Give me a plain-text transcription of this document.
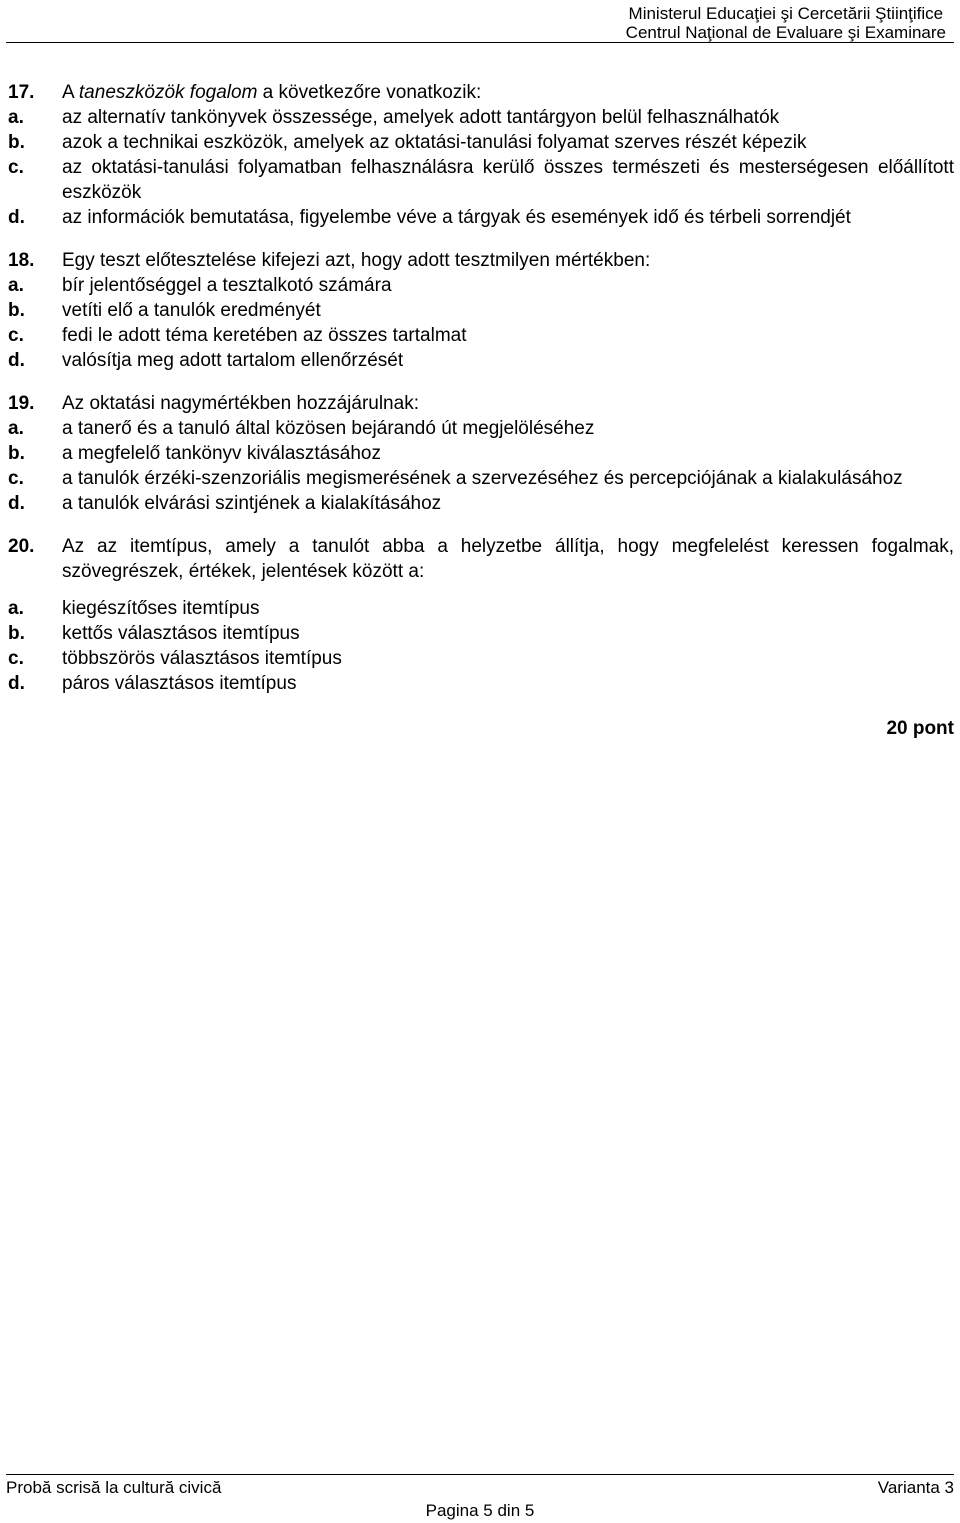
Ministerul Educaţiei şi Cercetării Ştiinţifice
Centrul Naţional de Evaluare şi Examinare
17.	A taneszközök fogalom a következőre vonatkozik:
a.	az alternatív tankönyvek összessége, amelyek adott tantárgyon belül felhasználhatók
b.	azok a technikai eszközök, amelyek az oktatási-tanulási folyamat szerves részét képezik
c.	az oktatási-tanulási folyamatban felhasználásra kerülő összes természeti és mesterségesen előállított eszközök
d.	az információk bemutatása, figyelembe véve a tárgyak és események idő és térbeli sorrendjét
18.	Egy teszt előtesztelése kifejezi azt, hogy adott tesztmilyen mértékben:
a.	bír jelentőséggel a tesztalkotó számára
b.	vetíti elő a tanulók eredményét
c.	fedi le adott téma keretében az összes tartalmat
d.	valósítja meg adott tartalom ellenőrzését
19.	Az oktatási nagymértékben hozzájárulnak:
a.	a tanerő és a tanuló által közösen bejárandó út megjelöléséhez
b.	a megfelelő tankönyv kiválasztásához
c.	a tanulók érzéki-szenzoriális megismerésének a szervezéséhez és percepciójának a kialakulásához
d.	a tanulók elvárási szintjének a kialakításához
20.	Az az itemtípus, amely a tanulót abba a helyzetbe állítja, hogy megfelelést keressen fogalmak, szövegrészek, értékek, jelentések között a:
a.	kiegészítőses itemtípus
b.	kettős választásos itemtípus
c.	többszörös választásos itemtípus
d.	páros választásos itemtípus
20 pont
Probă scrisă la cultură civică	Varianta 3
Pagina 5 din 5
